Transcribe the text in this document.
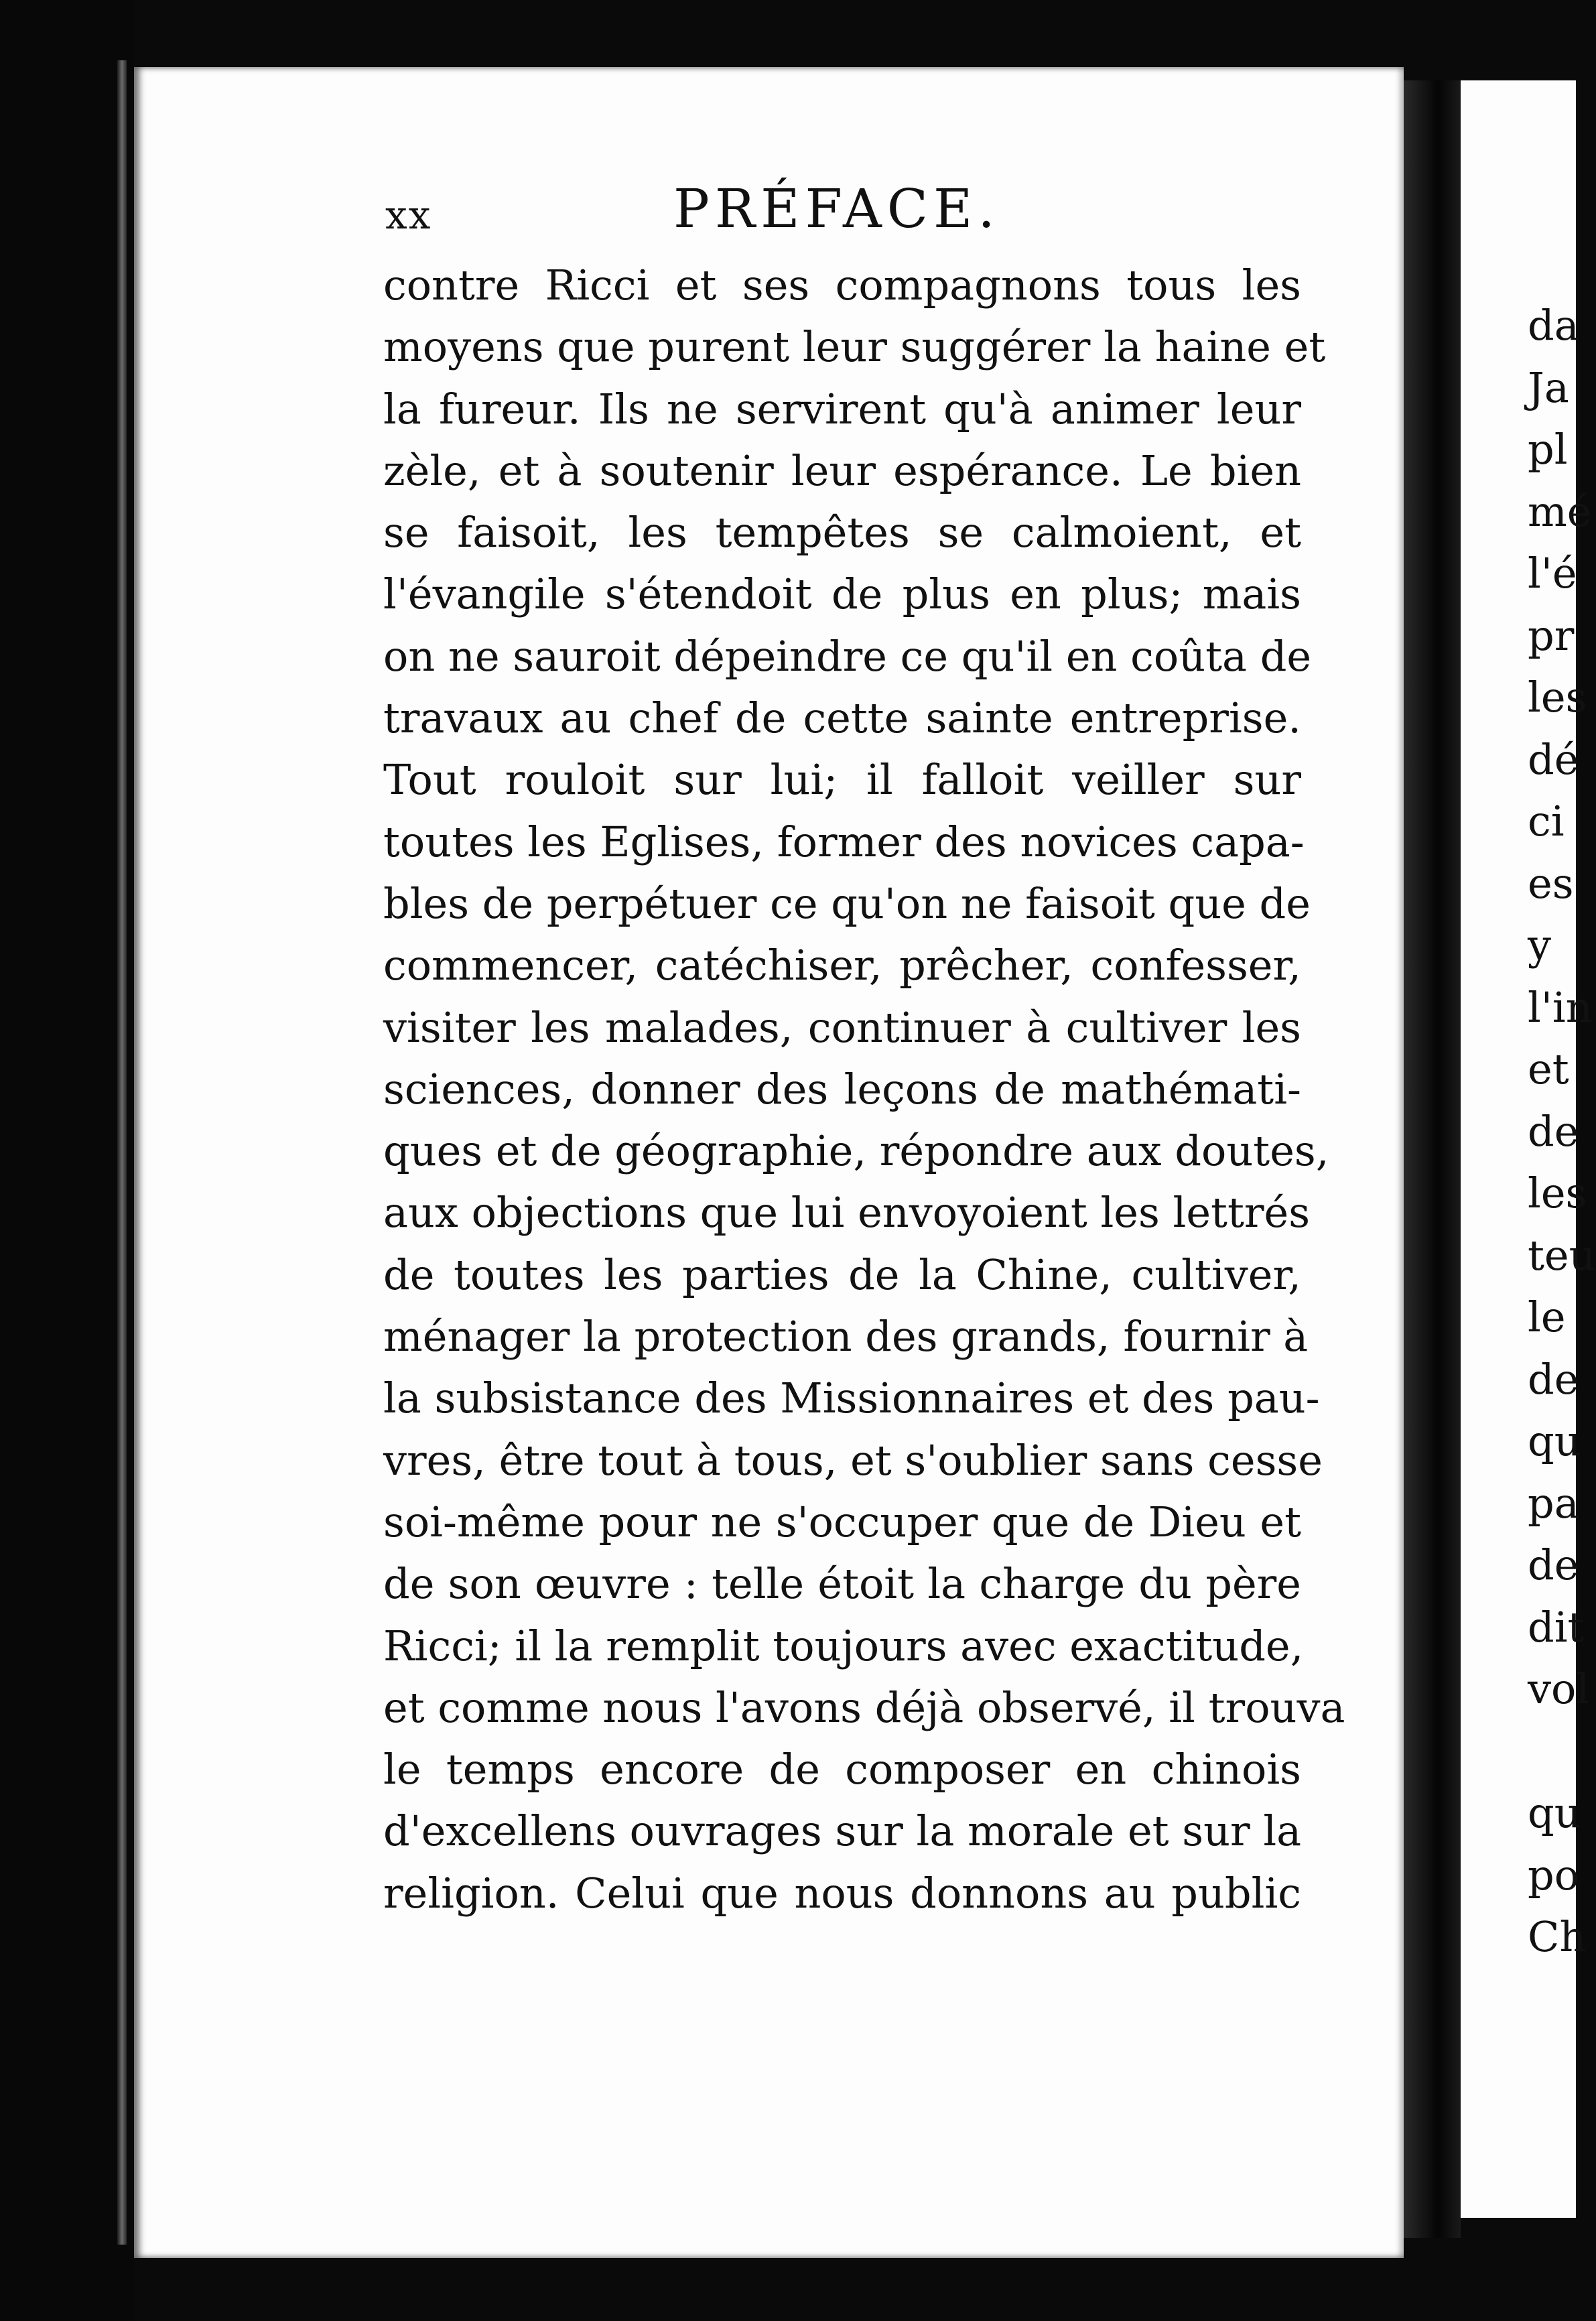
xx	PRÉFACE.
contre Ricci et ses compagnons tous les
moyens que purent leur suggérer la haine et
la fureur. Ils ne servirent qu'à animer leur
zèle, et à soutenir leur espérance. Le bien
se faisoit, les tempêtes se calmoient, et
l'évangile s'étendoit de plus en plus; mais
on ne sauroit dépeindre ce qu'il en coûta de
travaux au chef de cette sainte entreprise.
Tout rouloit sur lui; il falloit veiller sur
toutes les Eglises, former des novices capa-
bles de perpétuer ce qu'on ne faisoit que de
commencer, catéchiser, prêcher, confesser,
visiter les malades, continuer à cultiver les
sciences, donner des leçons de mathémati-
ques et de géographie, répondre aux doutes,
aux objections que lui envoyoient les lettrés
de toutes les parties de la Chine, cultiver,
ménager la protection des grands, fournir à
la subsistance des Missionnaires et des pau-
vres, être tout à tous, et s'oublier sans cesse
soi-même pour ne s'occuper que de Dieu et
de son œuvre : telle étoit la charge du père
Ricci; il la remplit toujours avec exactitude,
et comme nous l'avons déjà observé, il trouva
le temps encore de composer en chinois
d'excellens ouvrages sur la morale et sur la
religion. Celui que nous donnons au public
da
Ja
pl
mé
l'é
pr
les
dé
ci
es
y
l'in
et
de
les
teu
le
de
qu
pa
de
dit
vol
qu
po
Ch
